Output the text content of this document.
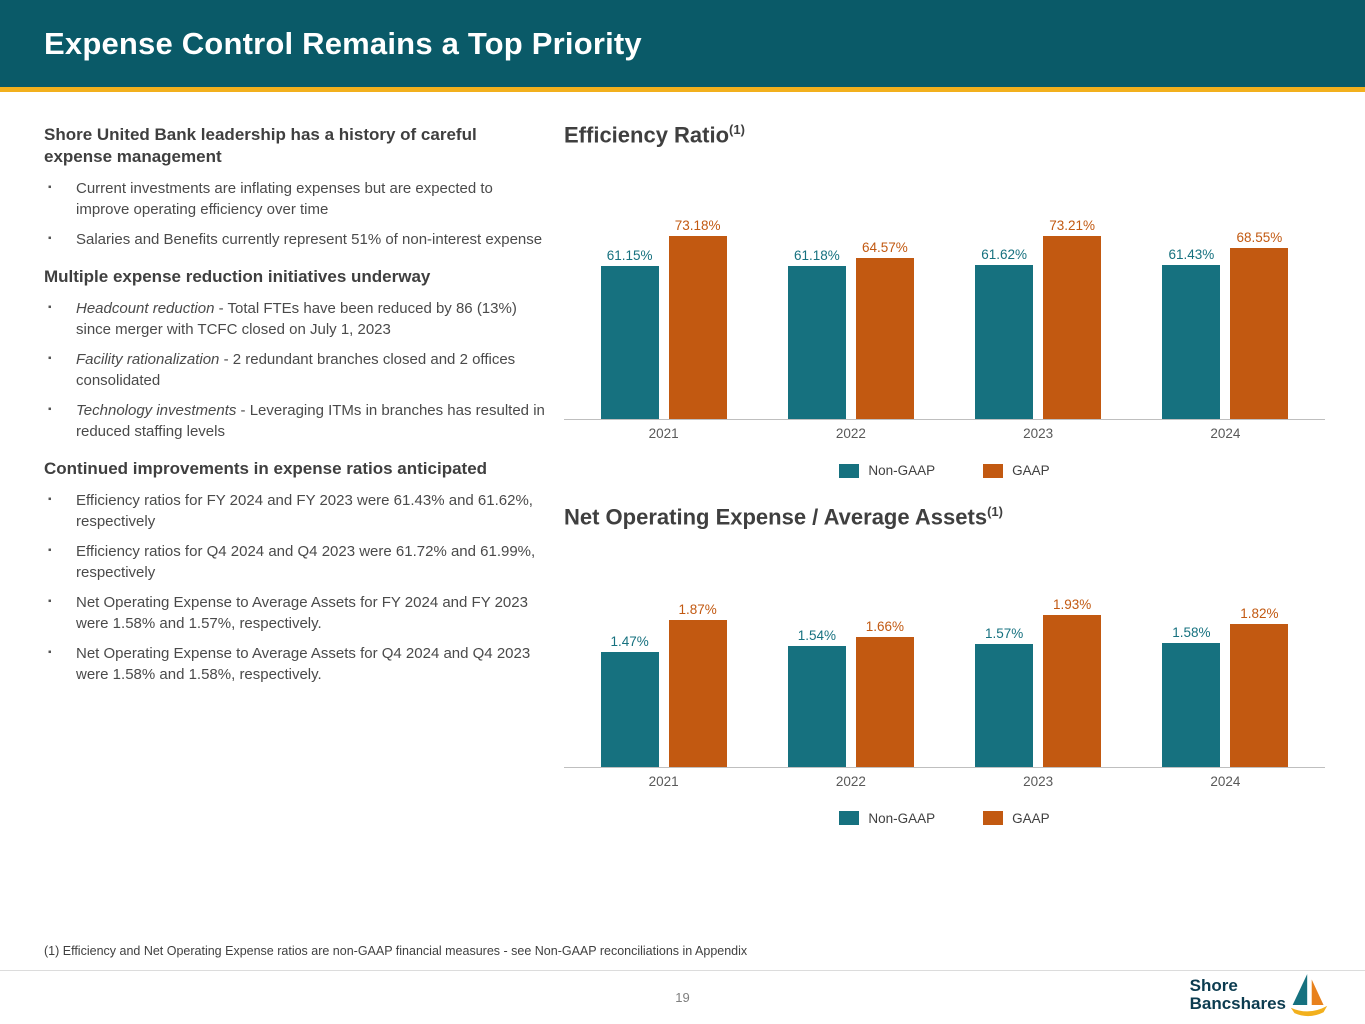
Expense Control Remains a Top Priority
Shore United Bank leadership has a history of careful expense management
▪	Current investments are inflating expenses but are expected to improve operating efficiency over time
▪	Salaries and Benefits currently represent 51% of non-interest expense
Multiple expense reduction initiatives underway
▪	Headcount reduction - Total FTEs have been reduced by 86 (13%) since merger with TCFC closed on July 1, 2023
▪	Facility rationalization - 2 redundant branches closed and 2 offices consolidated
▪	Technology investments - Leveraging ITMs in branches has resulted in reduced staffing levels
Continued improvements in expense ratios anticipated
▪	Efficiency ratios for FY 2024 and FY 2023 were 61.43% and 61.62%, respectively
▪	Efficiency ratios for Q4 2024 and Q4 2023 were 61.72% and 61.99%, respectively
▪	Net Operating Expense to Average Assets for FY 2024 and FY 2023 were 1.58% and 1.57%, respectively.
▪	Net Operating Expense to Average Assets for Q4 2024 and Q4 2023 were 1.58% and 1.58%, respectively.
Efficiency Ratio$^{(1)}$
61.15%
73.18%
61.18%
64.57%	61.62%
73.21%
61.43%
68.55%
2021	2022	2023	2024
Non-GAAP	GAAP
Net Operating Expense / Average Assets$^{(1)}$
1.47%
1.87%
1.54%
1.66%	1.57%
1.93%
1.58%
1.82%
2021	2022	2023	2024
Non-GAAP	GAAP
(1) Efficiency and Net Operating Expense ratios are non-GAAP financial measures - see Non-GAAP reconciliations in Appendix
19
Shore
Bancshares
